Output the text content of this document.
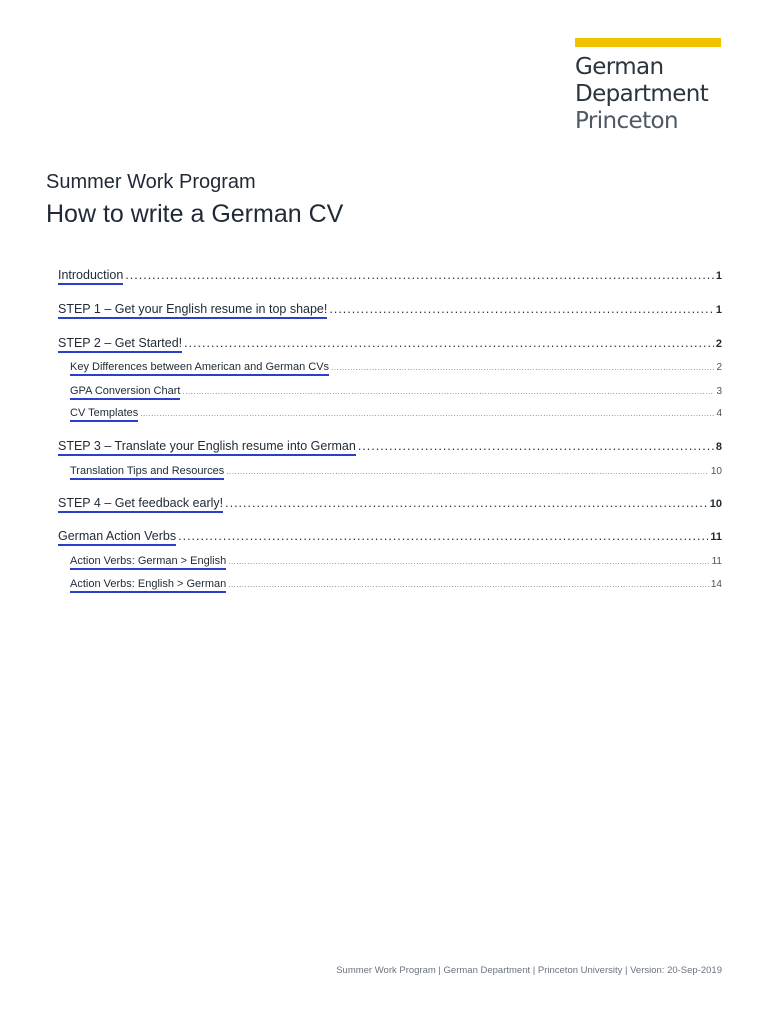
German
Department
Princeton
Summer Work Program
How to write a German CV
Introduction .....	1
STEP 1 – Get your English resume in top shape! .....	1
STEP 2 – Get Started! .....	2
Key Differences between American and German CVs .....	2
GPA Conversion Chart .....	3
CV Templates .....	4
STEP 3 – Translate your English resume into German .....	8
Translation Tips and Resources .....	10
STEP 4 – Get feedback early! .....	10
German Action Verbs .....	11
Action Verbs: German > English .....	11
Action Verbs: English > German .....	14
Summer Work Program | German Department | Princeton University | Version: 20-Sep-2019
